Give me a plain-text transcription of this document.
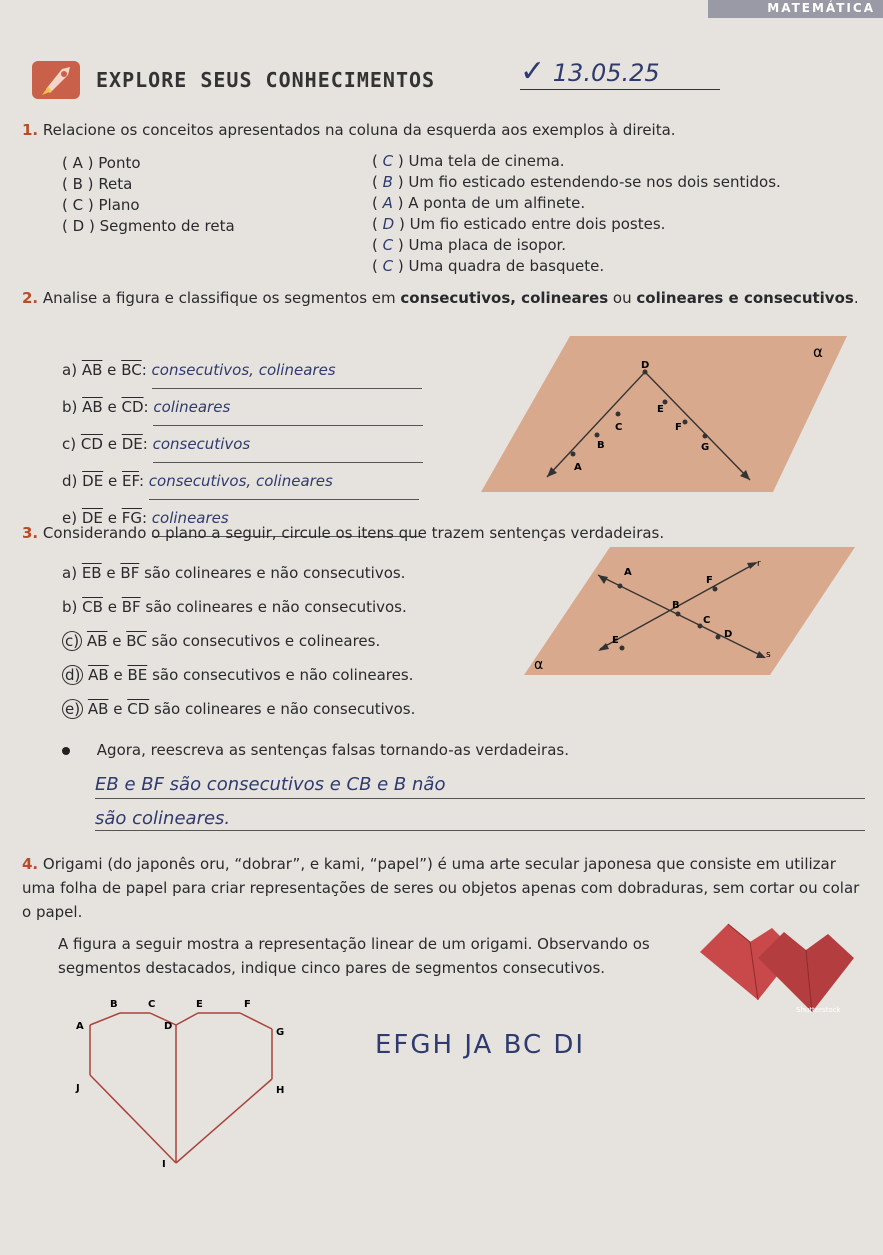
MATEMÁTICA
EXPLORE SEUS CONHECIMENTOS	✓ 13.05.25
1. Relacione os conceitos apresentados na coluna da esquerda aos exemplos à direita.
( A ) Ponto
( B ) Reta
( C ) Plano
( D ) Segmento de reta
( C ) Uma tela de cinema.
( B ) Um fio esticado estendendo-se nos dois sentidos.
( A ) A ponta de um alfinete.
( D ) Um fio esticado entre dois postes.
( C ) Uma placa de isopor.
( C ) Uma quadra de basquete.
2. Analise a figura e classifique os segmentos em consecutivos, colineares ou colineares e consecutivos.
a) $\overline{AB}$ e $\overline{BC}$: consecutivos, colineares
b) $\overline{AB}$ e $\overline{CD}$: colineares
c) $\overline{CD}$ e $\overline{DE}$: consecutivos
d) $\overline{DE}$ e $\overline{EF}$: consecutivos, colineares
e) $\overline{DE}$ e $\overline{FG}$: colineares
α
D
E
C	F
B	G
A
3. Considerando o plano a seguir, circule os itens que trazem sentenças verdadeiras.
a) $\overline{EB}$ e $\overline{BF}$ são colineares e não consecutivos.
b) $\overline{CB}$ e $\overline{BF}$ são colineares e não consecutivos.
c) $\overline{AB}$ e $\overline{BC}$ são consecutivos e colineares.
d) $\overline{AB}$ e $\overline{BE}$ são consecutivos e não colineares.
e) $\overline{AB}$ e $\overline{CD}$ são colineares e não consecutivos.
α
r
A
F
B
C
D
E
s
Agora, reescreva as sentenças falsas tornando-as verdadeiras.
EB e BF são consecutivos e CB e B não
são colineares.
4. Origami (do japonês oru, “dobrar”, e kami, “papel”) é uma arte secular japonesa que consiste em utilizar uma folha de papel para criar representações de seres ou objetos apenas com dobraduras, sem cortar ou colar o papel.
A figura a seguir mostra a representação linear de um origami. Observando os segmentos destacados, indique cinco pares de segmentos consecutivos.
Shutterstock
B	C	E	F
A	D
G
J	H
I
EFGH JA BC DI
